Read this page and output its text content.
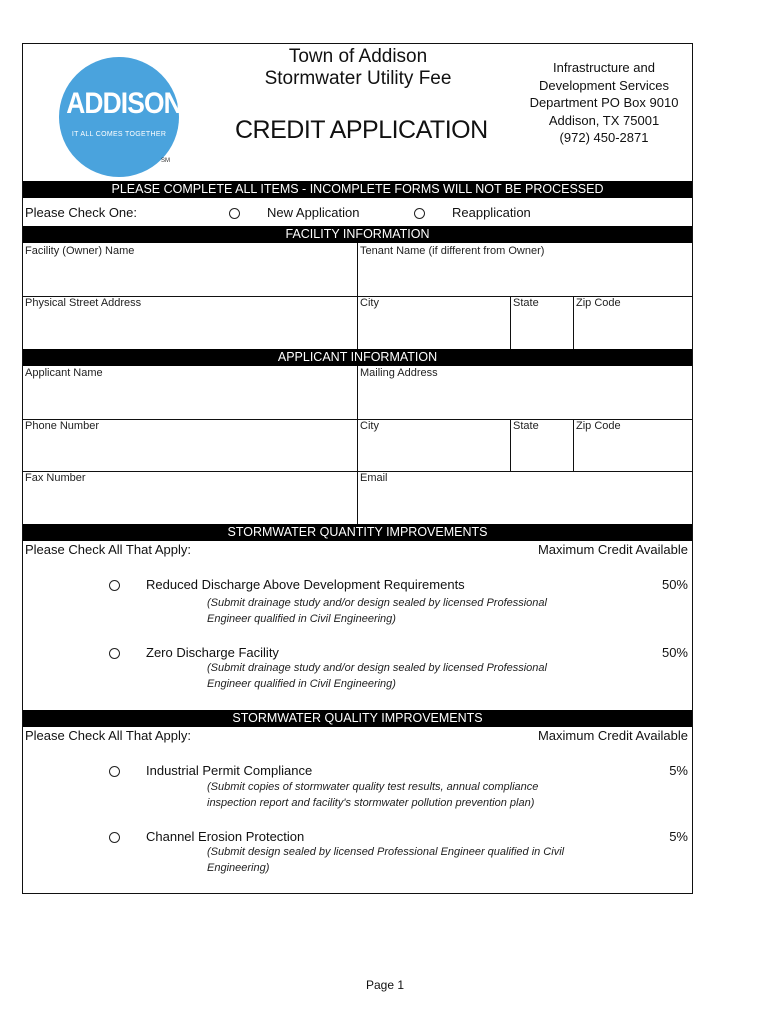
ADDISON
IT ALL COMES TOGETHER
SM
Town of Addison
Stormwater Utility Fee
CREDIT APPLICATION
Infrastructure and
Development Services
Department PO Box 9010
Addison, TX 75001
(972) 450-2871
PLEASE COMPLETE ALL ITEMS - INCOMPLETE FORMS WILL NOT BE PROCESSED
Please Check One:	New Application	Reapplication
FACILITY INFORMATION
Facility (Owner) Name	Tenant Name (if different from Owner)
Physical Street Address	City	State	Zip Code
APPLICANT INFORMATION
Applicant Name	Mailing Address
Phone Number	City	State	Zip Code
Fax Number	Email
STORMWATER QUANTITY IMPROVEMENTS
Please Check All That Apply:	Maximum Credit Available
Reduced Discharge Above Development Requirements	50%
(Submit drainage study and/or design sealed by licensed Professional
Engineer qualified in Civil Engineering)
Zero Discharge Facility	50%
(Submit drainage study and/or design sealed by licensed Professional
Engineer qualified in Civil Engineering)
STORMWATER QUALITY IMPROVEMENTS
Please Check All That Apply:	Maximum Credit Available
Industrial Permit Compliance	5%
(Submit copies of stormwater quality test results, annual compliance
inspection report and facility's stormwater pollution prevention plan)
Channel Erosion Protection	5%
(Submit design sealed by licensed Professional Engineer qualified in Civil
Engineering)
Page 1
